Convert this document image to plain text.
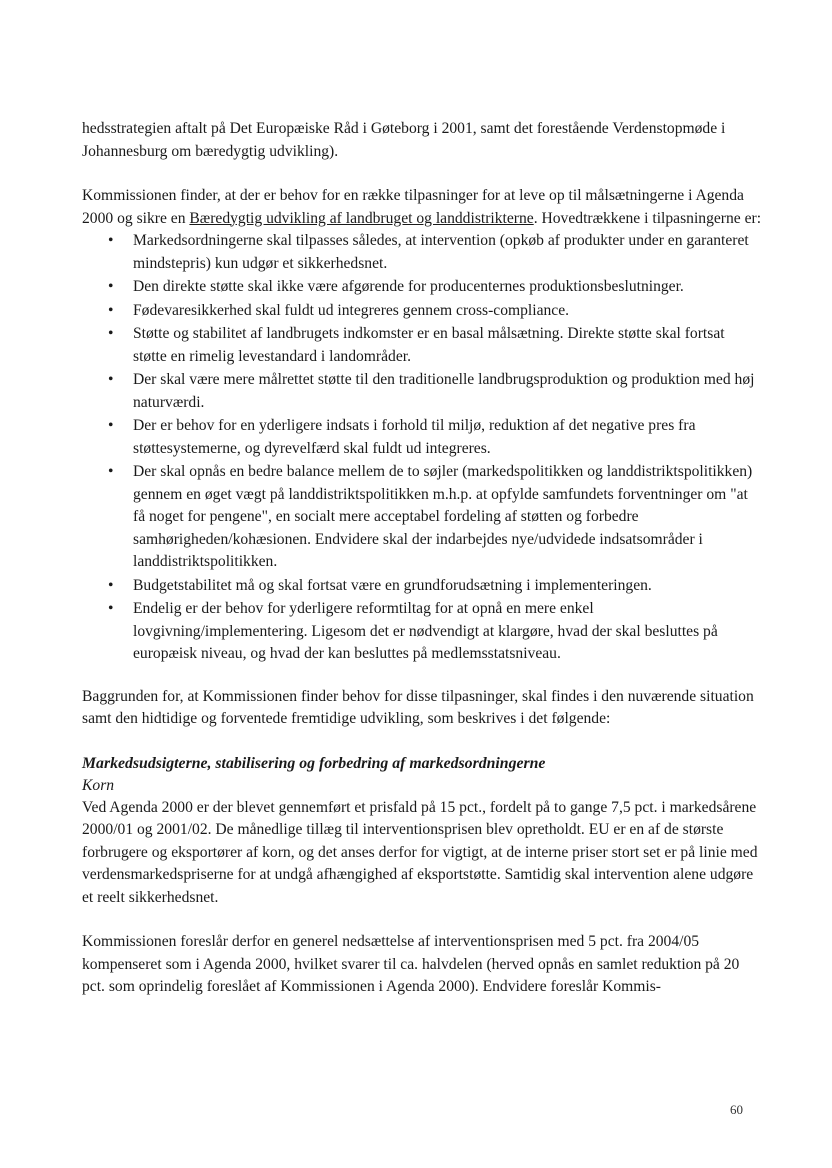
hedsstrategien aftalt på Det Europæiske Råd i Gøteborg i 2001, samt det forestående Verdenstopmøde i Johannesburg om bæredygtig udvikling).

Kommissionen finder, at der er behov for en række tilpasninger for at leve op til målsætningerne i Agenda 2000 og sikre en Bæredygtig udvikling af landbruget og landdistrikterne. Hovedtrækkene i tilpasningerne er:

• Markedsordningerne skal tilpasses således, at intervention (opkøb af produkter under en garanteret mindstepris) kun udgør et sikkerhedsnet.
• Den direkte støtte skal ikke være afgørende for producenternes produktionsbeslutninger.
• Fødevaresikkerhed skal fuldt ud integreres gennem cross-compliance.
• Støtte og stabilitet af landbrugets indkomster er en basal målsætning. Direkte støtte skal fortsat støtte en rimelig levestandard i landområder.
• Der skal være mere målrettet støtte til den traditionelle landbrugsproduktion og produktion med høj naturværdi.
• Der er behov for en yderligere indsats i forhold til miljø, reduktion af det negative pres fra støttesystemerne, og dyrevelfærd skal fuldt ud integreres.
• Der skal opnås en bedre balance mellem de to søjler (markedspolitikken og landdistriktspolitikken) gennem en øget vægt på landdistriktspolitikken m.h.p. at opfylde samfundets forventninger om "at få noget for pengene", en socialt mere acceptabel fordeling af støtten og forbedre samhørigheden/kohæsionen. Endvidere skal der indarbejdes nye/udvidede indsatsområder i landdistriktspolitikken.
• Budgetstabilitet må og skal fortsat være en grundforudsætning i implementeringen.
• Endelig er der behov for yderligere reformtiltag for at opnå en mere enkel lovgivning/implementering. Ligesom det er nødvendigt at klargøre, hvad der skal besluttes på europæisk niveau, og hvad der kan besluttes på medlemsstatsniveau.

Baggrunden for, at Kommissionen finder behov for disse tilpasninger, skal findes i den nuværende situation samt den hidtidige og forventede fremtidige udvikling, som beskrives i det følgende:

Markedsudsigterne, stabilisering og forbedring af markedsordningerne

Korn

Ved Agenda 2000 er der blevet gennemført et prisfald på 15 pct., fordelt på to gange 7,5 pct. i markedsårene 2000/01 og 2001/02. De månedlige tillæg til interventionsprisen blev opretholdt. EU er en af de største forbrugere og eksportører af korn, og det anses derfor for vigtigt, at de interne priser stort set er på linie med verdensmarkedspriserne for at undgå afhængighed af eksportstøtte. Samtidig skal intervention alene udgøre et reelt sikkerhedsnet.

Kommissionen foreslår derfor en generel nedsættelse af interventionsprisen med 5 pct. fra 2004/05 kompenseret som i Agenda 2000, hvilket svarer til ca. halvdelen (herved opnås en samlet reduktion på 20 pct. som oprindelig foreslået af Kommissionen i Agenda 2000). Endvidere foreslår Kommis-

60
